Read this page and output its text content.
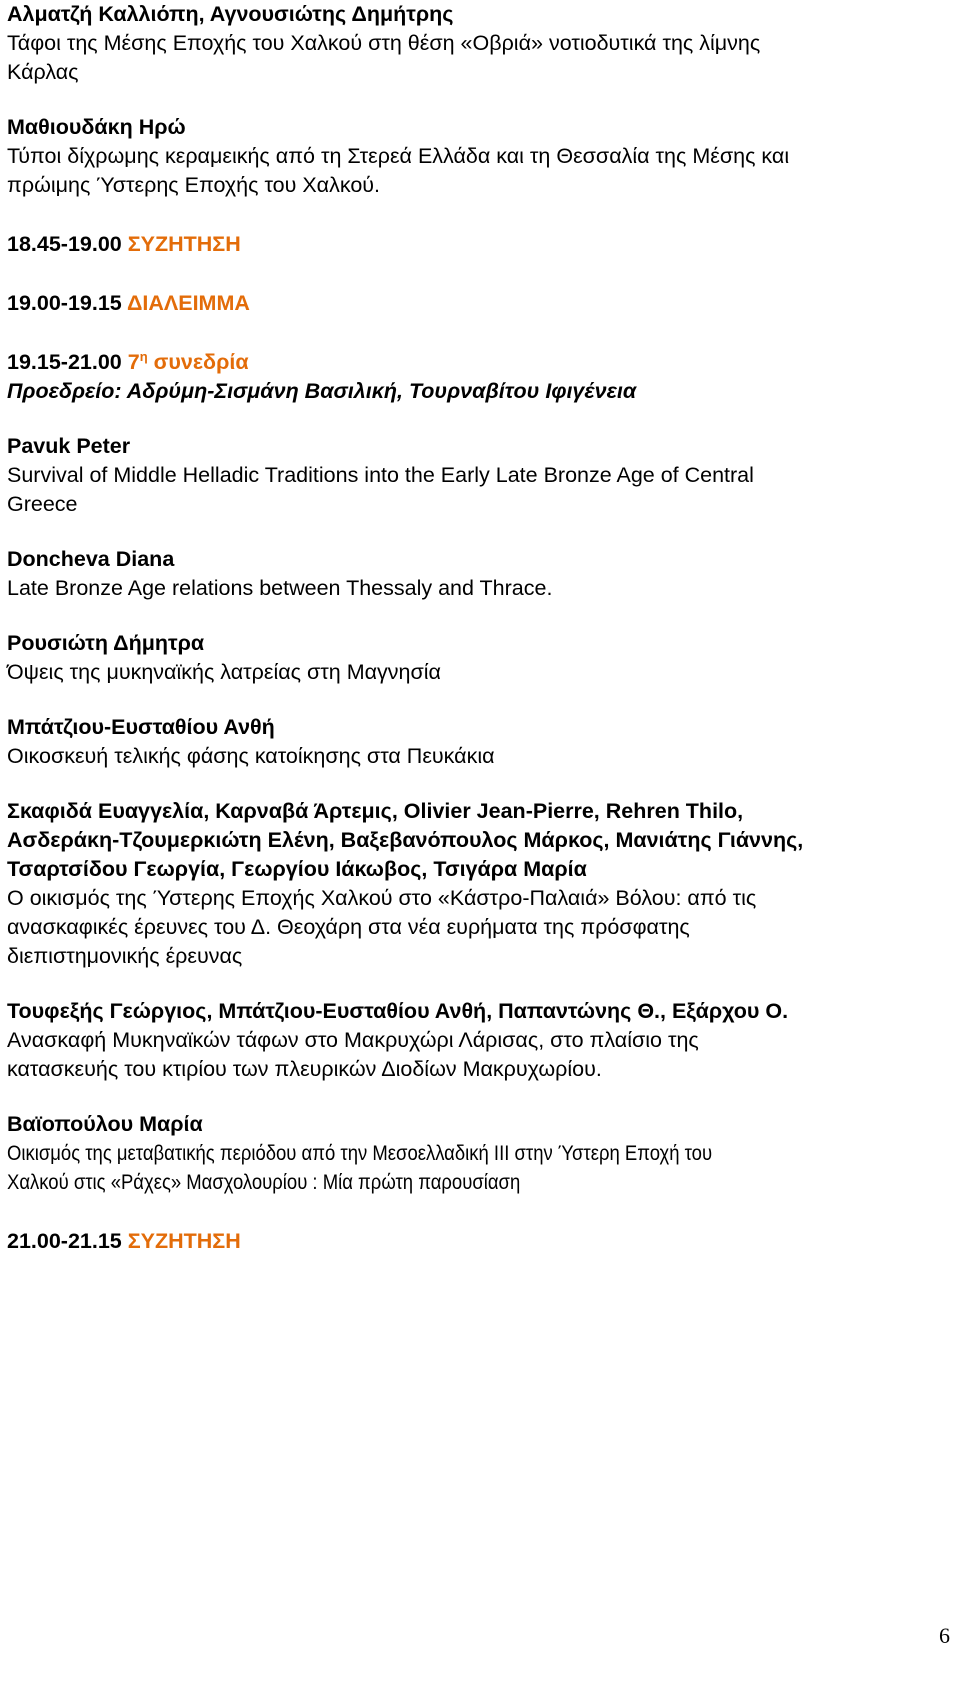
Αλματζή Καλλιόπη, Αγνουσιώτης Δημήτρης

Τάφοι της Μέσης Εποχής του Χαλκού στη θέση «Οβριά» νοτιοδυτικά της λίμνης

Κάρλας

Μαθιουδάκη Ηρώ

Τύποι δίχρωμης κεραμεικής από τη Στερεά Ελλάδα και τη Θεσσαλία της Μέσης και

πρώιμης Ύστερης Εποχής του Χαλκού.

18.45-19.00 ΣΥΖΗΤΗΣΗ

19.00-19.15 ΔΙΑΛΕΙΜΜΑ

19.15-21.00 $7^\eta$ συνεδρία

Προεδρείο: Αδρύμη-Σισμάνη Βασιλική, Τουρναβίτου Ιφιγένεια

Pavuk Peter

Survival of Middle Helladic Traditions into the Early Late Bronze Age of Central

Greece

Doncheva Diana

Late Bronze Age relations between Thessaly and Thrace.

Ρουσιώτη Δήμητρα

Όψεις της μυκηναϊκής λατρείας στη Μαγνησία

Μπάτζιου-Ευσταθίου Ανθή

Οικοσκευή τελικής φάσης κατοίκησης στα Πευκάκια

Σκαφιδά Ευαγγελία, Καρναβά Άρτεμις, Olivier Jean-Pierre, Rehren Thilo,

Ασδεράκη-Τζουμερκιώτη Ελένη, Βαξεβανόπουλος Μάρκος, Μανιάτης Γιάννης,

Τσαρτσίδου Γεωργία, Γεωργίου Ιάκωβος, Τσιγάρα Μαρία

Ο οικισμός της Ύστερης Εποχής Χαλκού στο «Κάστρο-Παλαιά» Βόλου: από τις

ανασκαφικές έρευνες του Δ. Θεοχάρη στα νέα ευρήματα της πρόσφατης

διεπιστημονικής έρευνας

Τουφεξής Γεώργιος, Μπάτζιου-Ευσταθίου Ανθή, Παπαντώνης Θ., Εξάρχου Ο.

Ανασκαφή Μυκηναϊκών τάφων στο Μακρυχώρι Λάρισας, στο πλαίσιο της

κατασκευής του κτιρίου των πλευρικών Διοδίων Μακρυχωρίου.

Βαϊοπούλου Μαρία

Οικισμός της μεταβατικής περιόδου από την Μεσοελλαδική ΙΙΙ στην Ύστερη Εποχή του

Χαλκού στις «Ράχες» Μασχολουρίου : Μία πρώτη παρουσίαση

21.00-21.15 ΣΥΖΗΤΗΣΗ

6
